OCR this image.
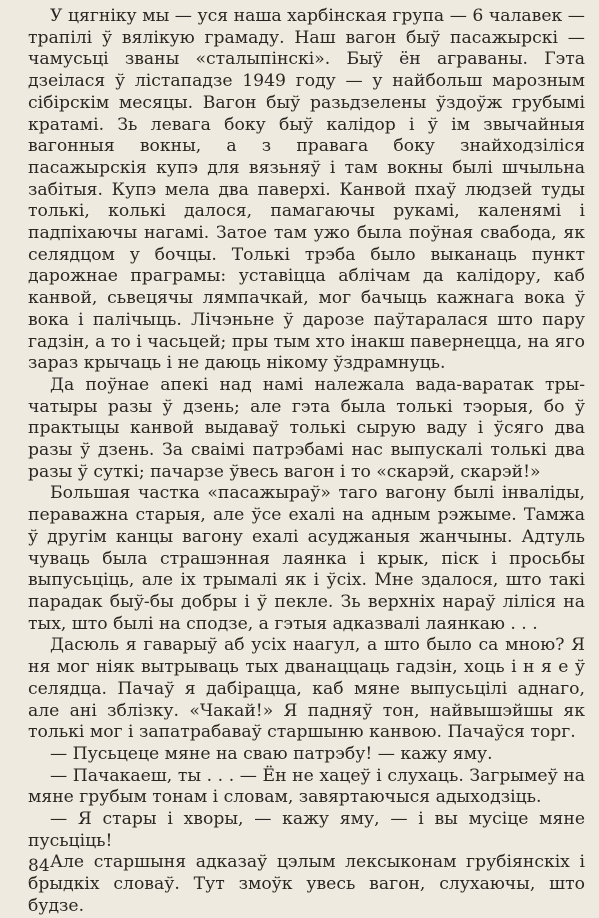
У цягніку мы — уся наша харбінская група — 6 чалавек — трапілі ў вялікую грамаду. Наш вагон быў пасажырскі — чамусьці званы «сталыпінскі». Быў ён аграваны. Гэта дзеілася ў лістападзе 1949 году — у найбольш марозным сібірскім месяцы. Вагон быў разьдзелены ўздоўж грубымі кратамі. Зь левага боку быў калідор і ў ім звычайныя вагонныя вокны, а з правага боку знайходзіліся пасажырскія купэ для вязьняў і там вокны былі шчыльна забітыя. Купэ мела два паверхі. Канвой пхаў людзей туды толькі, колькі далося, памагаючы рукамі, каленямі і падпіхаючы нагамі. Затое там ужо была поўная свабода, як селядцом у бочцы. Толькі трэба было выканаць пункт дарожнае праграмы: уставіцца аблічам да калідору, каб канвой, сьвецячы лямпачкай, мог бачыць кажнага вока ў вока і палічыць. Лічэньне ў дарозе паўтаралася што пару гадзін, а то і часьцей; пры тым хто інакш павернецца, на яго зараз крычаць і не даюць нікому ўздрамнуць.

Да поўнае апекі над намі належала вада-варатак трычатыры разы ў дзень; але гэта была толькі тэорыя, бо ў практыцы канвой выдаваў толькі сырую ваду і ўсяго два разы ў дзень. За сваімі патрэбамі нас выпускалі толькі два разы ў суткі; пачарзе ўвесь вагон і то «скарэй, скарэй!»

Большая частка «пасажыраў» таго вагону былі інваліды, пераважна старыя, але ўсе ехалі на адным рэжыме. Тамжа ў другім канцы вагону ехалі асуджаныя жанчыны. Адтуль чуваць была страшэнная лаянка і крык, піск і просьбы выпусьціць, але іх трымалі як і ўсіх. Мне здалося, што такі парадак быў-бы добры і ў пекле. Зь верхніх нараў ліліся на тых, што былі на сподзе, а гэтыя адказвалі лаянкаю . . .

Дасюль я гаварыў аб усіх наагул, а што было са мною? Я ня мог ніяк вытрываць тых дванаццаць гадзін, хоць і н я е ў селядца. Пачаў я дабірацца, каб мяне выпусьцілі аднаго, але ані зблізку. «Чакай!» Я падняў тон, найвышэйшы як толькі мог і запатрабаваў старшыню канвою. Пачаўся торг.

— Пусьцеце мяне на сваю патрэбу! — кажу яму.

— Пачакаеш, ты . . . — Ён не хацеў і слухаць. Загрымеў на мяне грубым тонам і словам, завяртаючыся адыходзіць.

— Я стары і хворы, — кажу яму, — і вы мусіце мяне пусьціць!

Але старшыня адказаў цэлым лексыконам грубіянскіх і брыдкіх словаў. Тут змоўк увесь вагон, слухаючы, што будзе.

84
